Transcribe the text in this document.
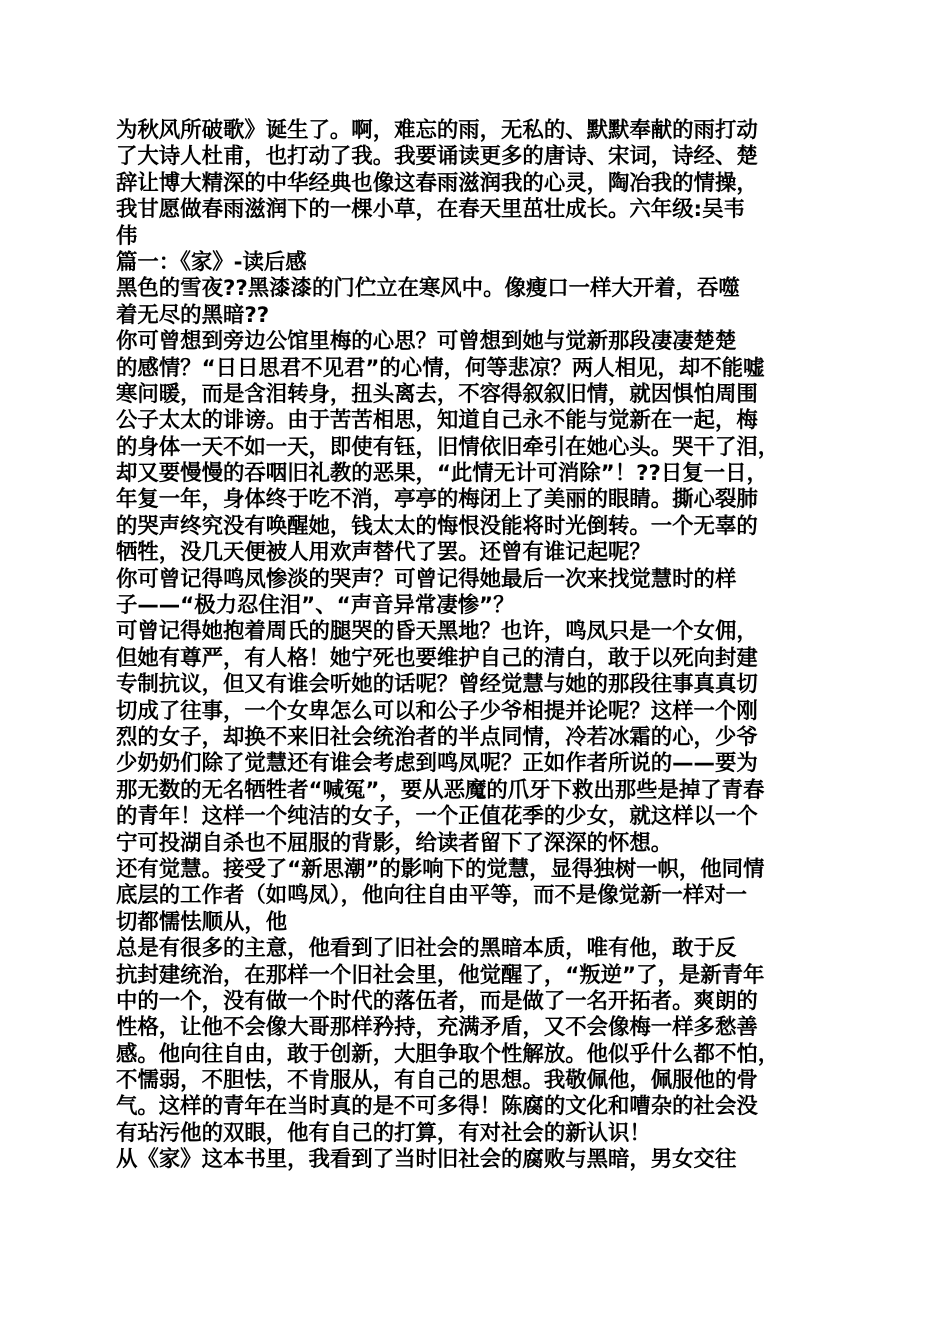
为秋风所破歌》诞生了。啊，难忘的雨，无私的、默默奉献的雨打动
了大诗人杜甫，也打动了我。我要诵读更多的唐诗、宋词，诗经、楚
辞让博大精深的中华经典也像这春雨滋润我的心灵，陶冶我的情操，
我甘愿做春雨滋润下的一棵小草，在春天里茁壮成长。六年级:吴韦
伟
篇一：《家》-读后感
黑色的雪夜??黑漆漆的门伫立在寒风中。像瘦口一样大开着，吞噬
着无尽的黑暗??
你可曾想到旁边公馆里梅的心思？可曾想到她与觉新那段凄凄楚楚
的感情？“日日思君不见君”的心情，何等悲凉？两人相见，却不能嘘
寒问暖，而是含泪转身，扭头离去，不容得叙叙旧情，就因惧怕周围
公子太太的诽谤。由于苦苦相思，知道自己永不能与觉新在一起，梅
的身体一天不如一天，即使有钰，旧情依旧牵引在她心头。哭干了泪，
却又要慢慢的吞咽旧礼教的恶果，“此情无计可消除”！??日复一日，
年复一年，身体终于吃不消，亭亭的梅闭上了美丽的眼睛。撕心裂肺
的哭声终究没有唤醒她，钱太太的悔恨没能将时光倒转。一个无辜的
牺牲，没几天便被人用欢声替代了罢。还曾有谁记起呢？
你可曾记得鸣凤惨淡的哭声？可曾记得她最后一次来找觉慧时的样
子——“极力忍住泪”、“声音异常凄惨”？
可曾记得她抱着周氏的腿哭的昏天黑地？也许，鸣凤只是一个女佣，
但她有尊严，有人格！她宁死也要维护自己的清白，敢于以死向封建
专制抗议，但又有谁会听她的话呢？曾经觉慧与她的那段往事真真切
切成了往事，一个女卑怎么可以和公子少爷相提并论呢？这样一个刚
烈的女子，却换不来旧社会统治者的半点同情，冷若冰霜的心，少爷
少奶奶们除了觉慧还有谁会考虑到鸣凤呢？正如作者所说的——要为
那无数的无名牺牲者“喊冤”，要从恶魔的爪牙下救出那些是掉了青春
的青年！这样一个纯洁的女子，一个正值花季的少女，就这样以一个
宁可投湖自杀也不屈服的背影，给读者留下了深深的怀想。
还有觉慧。接受了“新思潮”的影响下的觉慧，显得独树一帜，他同情
底层的工作者（如鸣凤），他向往自由平等，而不是像觉新一样对一
切都懦怯顺从，他
总是有很多的主意，他看到了旧社会的黑暗本质，唯有他，敢于反
抗封建统治，在那样一个旧社会里，他觉醒了，“叛逆”了，是新青年
中的一个，没有做一个时代的落伍者，而是做了一名开拓者。爽朗的
性格，让他不会像大哥那样矜持，充满矛盾，又不会像梅一样多愁善
感。他向往自由，敢于创新，大胆争取个性解放。他似乎什么都不怕，
不懦弱，不胆怯，不肯服从，有自己的思想。我敬佩他，佩服他的骨
气。这样的青年在当时真的是不可多得！陈腐的文化和嘈杂的社会没
有玷污他的双眼，他有自己的打算，有对社会的新认识！
从《家》这本书里，我看到了当时旧社会的腐败与黑暗，男女交往
